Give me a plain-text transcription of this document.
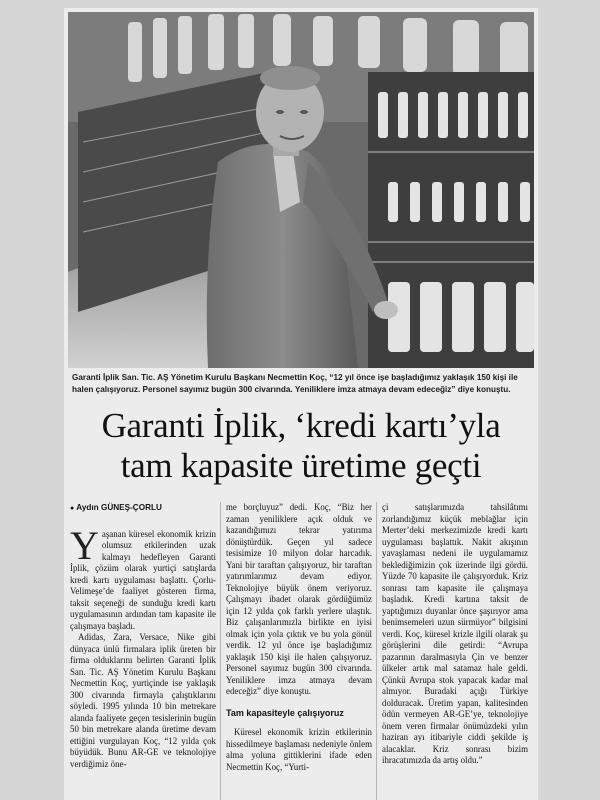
Garanti İplik San. Tic. AŞ Yönetim Kurulu Başkanı Necmettin Koç, “12 yıl önce işe başladığımız yaklaşık 150 kişi ile halen çalışıyoruz. Personel sayımız bugün 300 civarında. Yeniliklere imza atmaya devam edeceğiz” diye konuştu.
Garanti İplik, ‘kredi kartı’yla
tam kapasite üretime geçti
● Aydın GÜNEŞ-ÇORLU

Yaşanan küresel ekonomik krizin olumsuz etkilerinden uzak kalmayı hedefleyen Garanti İplik, çözüm olarak yurtiçi satışlarda kredi kartı uygulaması başlattı. Çorlu-Velimeşe’de faaliyet gösteren firma, taksit seçeneği de sunduğu kredi kartı uygulamasının ardından tam kapasite ile çalışmaya başladı.

Adidas, Zara, Versace, Nike gibi dünyaca ünlü firmalara iplik üreten bir firma olduklarını belirten Garanti İplik San. Tic. AŞ Yönetim Kurulu Başkanı Necmettin Koç, yurtiçinde ise yaklaşık 300 civarında firmayla çalıştıklarını söyledi. 1995 yılında 10 bin metrekare alanda faaliyete geçen tesislerinin bugün 50 bin metrekare alanda üretime devam ettiğini vurgulayan Koç, “12 yılda çok büyüdük. Bunu AR-GE ve teknolojiye verdiğimiz öne-

me borçluyuz” dedi. Koç, “Biz her zaman yeniliklere açık olduk ve kazandığımızı tekrar yatırıma dönüştürdük. Geçen yıl sadece tesisimize 10 milyon dolar harcadık. Yani bir taraftan çalışıyoruz, bir taraftan yatırımlarımız devam ediyor. Teknolojiye büyük önem veriyoruz. Çalışmayı ibadet olarak gördüğümüz için 12 yılda çok farklı yerlere ulaştık. Biz çalışanlarımızla birlikte en iyisi olmak için yola çıktık ve bu yola gönül verdik. 12 yıl önce işe başladığımız yaklaşık 150 kişi ile halen çalışıyoruz. Personel sayımız bugün 300 civarında. Yeniliklere imza atmaya devam edeceğiz” diye konuştu.

Tam kapasiteyle çalışıyoruz

Küresel ekonomik krizin etkilerinin hissedilmeye başlaması nedeniyle önlem alma yoluna gittiklerini ifade eden Necmettin Koç, “Yurti-

çi satışlarımızda tahsilâtımı zorlandığımız küçük meblağlar için Merter’deki merkezimizde kredi kartı uygulaması başlattık. Nakit akışının yavaşlaması nedeni ile uygulamamız beklediğimizin çok üzerinde ilgi gördü. Yüzde 70 kapasite ile çalışıyorduk. Kriz sonrası tam kapasite ile çalışmaya başladık. Kredi kartına taksit de yaptığımızı duyanlar önce şaşırıyor ama benimsemeleri uzun sürmüyor” bilgisini verdi. Koç, küresel krizle ilgili olarak şu görüşlerini dile getirdi: “Avrupa pazarının daralmasıyla Çin ve benzer ülkeler artık mal satamaz hale geldi. Çünkü Avrupa stok yapacak kadar mal almıyor. Buradaki açığı Türkiye dolduracak. Üretim yapan, kalitesinden ödün vermeyen AR-GE’ye, teknolojiye önem veren firmalar önümüzdeki yılın haziran ayı itibariyle ciddi şekilde iş alacaklar. Kriz sonrası bizim ihracatımızda da artış oldu.”
